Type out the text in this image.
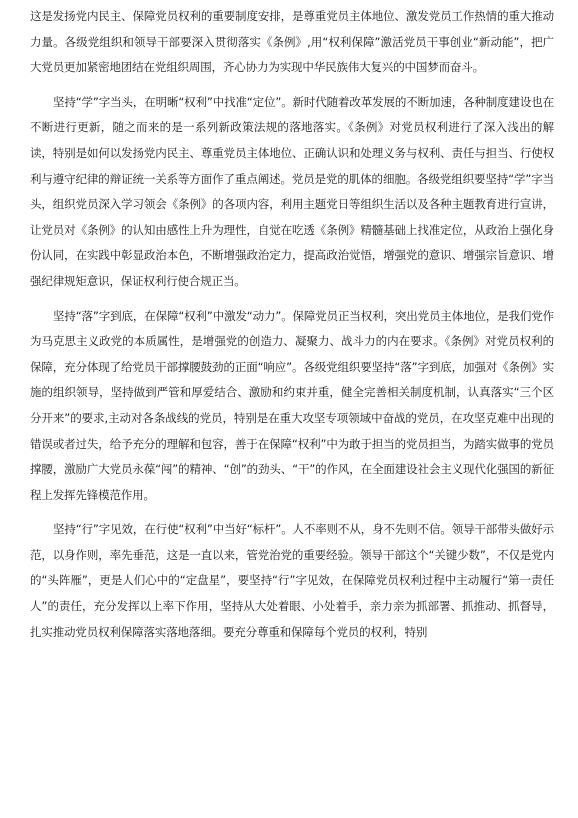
这是发扬党内民主、保障党员权利的重要制度安排，是尊重党员主体地位、激发党员工作热情的重大推动力量。各级党组织和领导干部要深入贯彻落实《条例》,用“权利保障”激活党员干事创业“新动能”，把广大党员更加紧密地团结在党组织周围，齐心协力为实现中华民族伟大复兴的中国梦而奋斗。

坚持“学”字当头，在明晰“权利”中找准“定位”。新时代随着改革发展的不断加速，各种制度建设也在不断进行更新，随之而来的是一系列新政策法规的落地落实。《条例》对党员权利进行了深入浅出的解读，特别是如何以发扬党内民主、尊重党员主体地位、正确认识和处理义务与权利、责任与担当、行使权利与遵守纪律的辩证统一关系等方面作了重点阐述。党员是党的肌体的细胞。各级党组织要坚持“学”字当头，组织党员深入学习领会《条例》的各项内容，利用主题党日等组织生活以及各种主题教育进行宣讲，让党员对《条例》的认知由感性上升为理性，自觉在吃透《条例》精髓基础上找准定位，从政治上强化身份认同，在实践中彰显政治本色，不断增强政治定力，提高政治觉悟，增强党的意识、增强宗旨意识、增强纪律规矩意识，保证权利行使合规正当。

坚持“落”字到底，在保障“权利”中激发“动力”。保障党员正当权利，突出党员主体地位，是我们党作为马克思主义政党的本质属性，是增强党的创造力、凝聚力、战斗力的内在要求。《条例》对党员权利的保障，充分体现了给党员干部撑腰鼓劲的正面“响应”。各级党组织要坚持“落”字到底，加强对《条例》实施的组织领导，坚持做到严管和厚爱结合、激励和约束并重，健全完善相关制度机制，认真落实“三个区分开来”的要求,主动对各条战线的党员，特别是在重大攻坚专项领域中奋战的党员，在攻坚克难中出现的错误或者过失，给予充分的理解和包容，善于在保障“权利”中为敢于担当的党员担当，为踏实做事的党员撑腰，激励广大党员永葆“闯”的精神、“创”的劲头、“干”的作风，在全面建设社会主义现代化强国的新征程上发挥先锋模范作用。

坚持“行”字见效，在行使“权利”中当好“标杆”。人不率则不从，身不先则不信。领导干部带头做好示范，以身作则，率先垂范，这是一直以来，管党治党的重要经验。领导干部这个“关键少数”，不仅是党内的“头阵雁”，更是人们心中的“定盘星”，要坚持“行”字见效，在保障党员权利过程中主动履行“第一责任人”的责任，充分发挥以上率下作用，坚持从大处着眼、小处着手，亲力亲为抓部署、抓推动、抓督导，扎实推动党员权利保障落实落地落细。要充分尊重和保障每个党员的权利，特别
